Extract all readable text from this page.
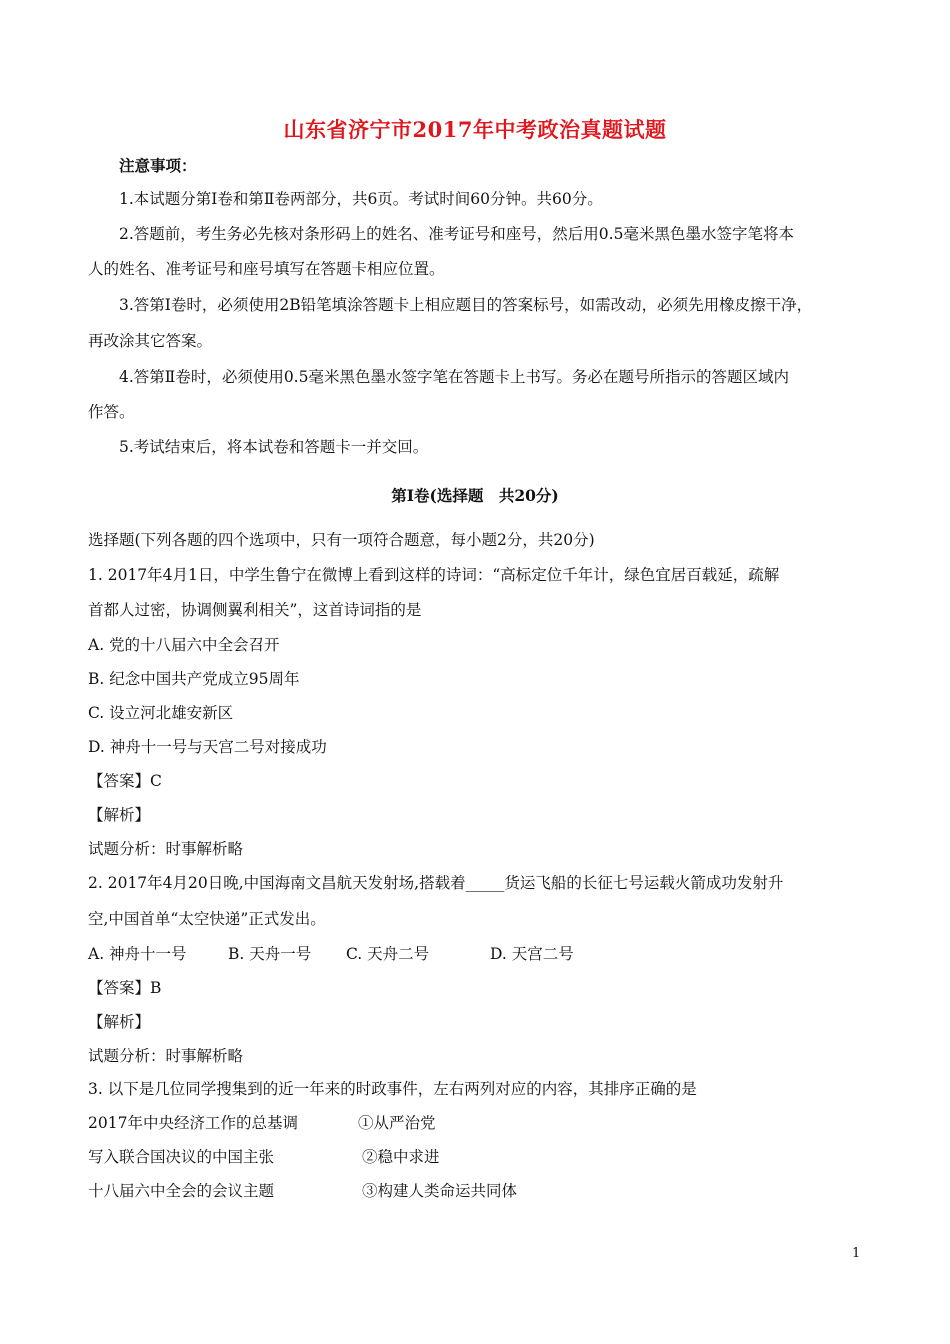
山东省济宁市2017年中考政治真题试题
注意事项：
1.本试题分第Ⅰ卷和第Ⅱ卷两部分，共6页。考试时间60分钟。共60分。
2.答题前，考生务必先核对条形码上的姓名、准考证号和座号，然后用0.5毫米黑色墨水签字笔将本
人的姓名、准考证号和座号填写在答题卡相应位置。
3.答第Ⅰ卷时，必须使用2B铅笔填涂答题卡上相应题目的答案标号，如需改动，必须先用橡皮擦干净，
再改涂其它答案。
4.答第Ⅱ卷时，必须使用0.5毫米黑色墨水签字笔在答题卡上书写。务必在题号所指示的答题区域内
作答。
5.考试结束后，将本试卷和答题卡一并交回。
第Ⅰ卷(选择题　共20分)
选择题(下列各题的四个选项中，只有一项符合题意，每小题2分，共20分)
1. 2017年4月1日，中学生鲁宁在微博上看到这样的诗词：“高标定位千年计，绿色宜居百载延，疏解
首都人过密，协调侧翼利相关”，这首诗词指的是
A. 党的十八届六中全会召开
B. 纪念中国共产党成立95周年
C. 设立河北雄安新区
D. 神舟十一号与天宫二号对接成功
【答案】C
【解析】
试题分析：时事解析略
2. 2017年4月20日晚,中国海南文昌航天发射场,搭载着_____货运飞船的长征七号运载火箭成功发射升
空,中国首单“太空快递”正式发出。
A. 神舟十一号	B. 天舟一号 C. 天舟二号	D. 天宫二号
【答案】B
【解析】
试题分析：时事解析略
3. 以下是几位同学搜集到的近一年来的时政事件，左右两列对应的内容，其排序正确的是
2017年中央经济工作的总基调	①从严治党
写入联合国决议的中国主张	②稳中求进
十八届六中全会的会议主题	③构建人类命运共同体
1
